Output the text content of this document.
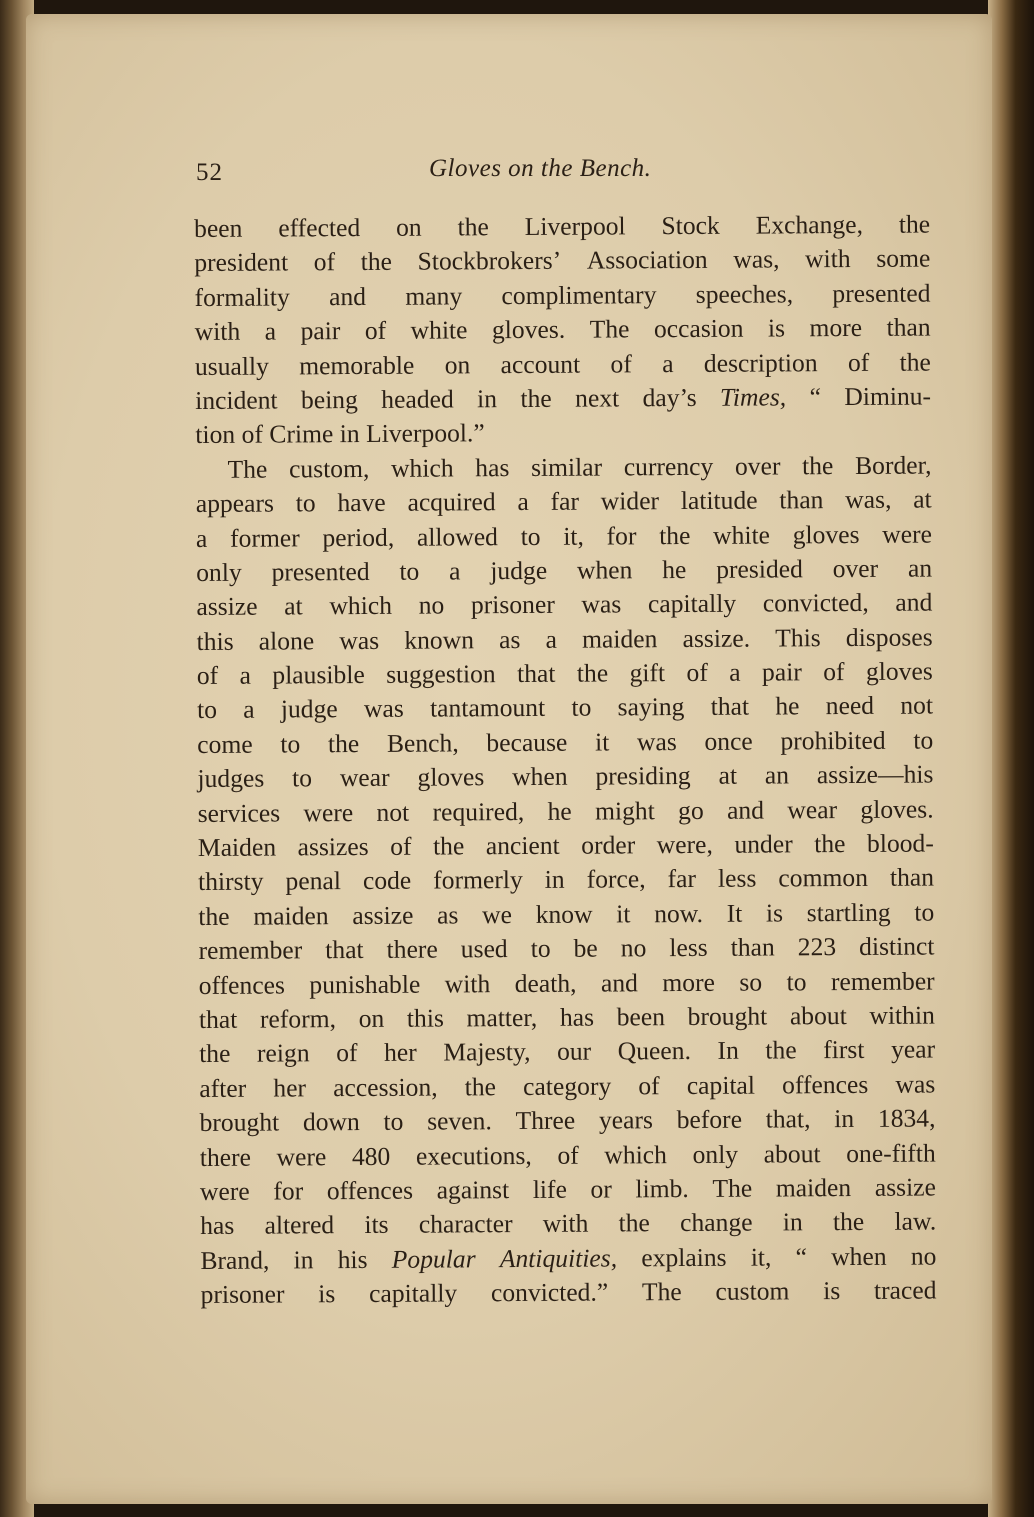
52	Gloves on the Bench.
been effected on the Liverpool Stock Exchange, the
president of the Stockbrokers’ Association was, with some
formality and many complimentary speeches, presented
with a pair of white gloves. The occasion is more than
usually memorable on account of a description of the
incident being headed in the next day’s Times, “ Diminu-
tion
of
Crime
in
Liverpool.”

The custom, which has similar currency over the Border,
appears to have acquired a far wider latitude than was, at
a former period, allowed to it, for the white gloves were
only presented to a judge when he presided over an
assize at which no prisoner was capitally convicted, and
this alone was known as a maiden assize. This disposes
of a plausible suggestion that the gift of a pair of gloves
to a judge was tantamount to saying that he need not
come to the Bench, because it was once prohibited to
judges to wear gloves when presiding at an assize—his
services were not required, he might go and wear gloves.
Maiden assizes of the ancient order were, under the blood-
thirsty penal code formerly in force, far less common than
the maiden assize as we know it now. It is startling to
remember that there used to be no less than 223 distinct
offences punishable with death, and more so to remember
that reform, on this matter, has been brought about within
the reign of her Majesty, our Queen. In the first year
after her accession, the category of capital offences was
brought down to seven. Three years before that, in 1834,
there were 480 executions, of which only about one-fifth
were for offences against life or limb. The maiden assize
has altered its character with the change in the law.
Brand, in his Popular Antiquities, explains it, “ when no
prisoner is capitally convicted.” The custom is traced
